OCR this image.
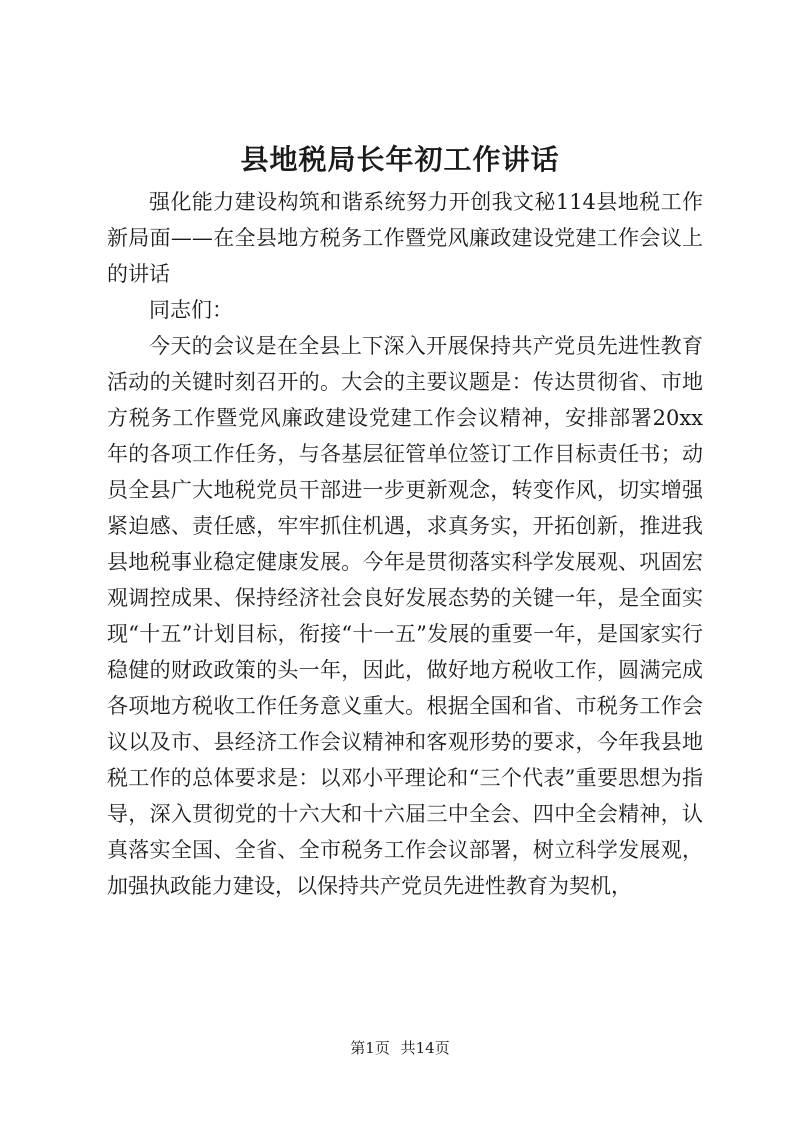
县地税局长年初工作讲话

强化能力建设构筑和谐系统努力开创我文秘114县地税工作新局面——在全县地方税务工作暨党风廉政建设党建工作会议上的讲话

同志们：

今天的会议是在全县上下深入开展保持共产党员先进性教育活动的关键时刻召开的。大会的主要议题是：传达贯彻省、市地方税务工作暨党风廉政建设党建工作会议精神，安排部署20xx年的各项工作任务，与各基层征管单位签订工作目标责任书；动员全县广大地税党员干部进一步更新观念，转变作风，切实增强紧迫感、责任感，牢牢抓住机遇，求真务实，开拓创新，推进我县地税事业稳定健康发展。今年是贯彻落实科学发展观、巩固宏观调控成果、保持经济社会良好发展态势的关键一年，是全面实现“十五”计划目标，衔接“十一五”发展的重要一年，是国家实行稳健的财政政策的头一年，因此，做好地方税收工作，圆满完成各项地方税收工作任务意义重大。根据全国和省、市税务工作会议以及市、县经济工作会议精神和客观形势的要求，今年我县地税工作的总体要求是：以邓小平理论和“三个代表”重要思想为指导，深入贯彻党的十六大和十六届三中全会、四中全会精神，认真落实全国、全省、全市税务工作会议部署，树立科学发展观，加强执政能力建设，以保持共产党员先进性教育为契机，

第1页 共14页
